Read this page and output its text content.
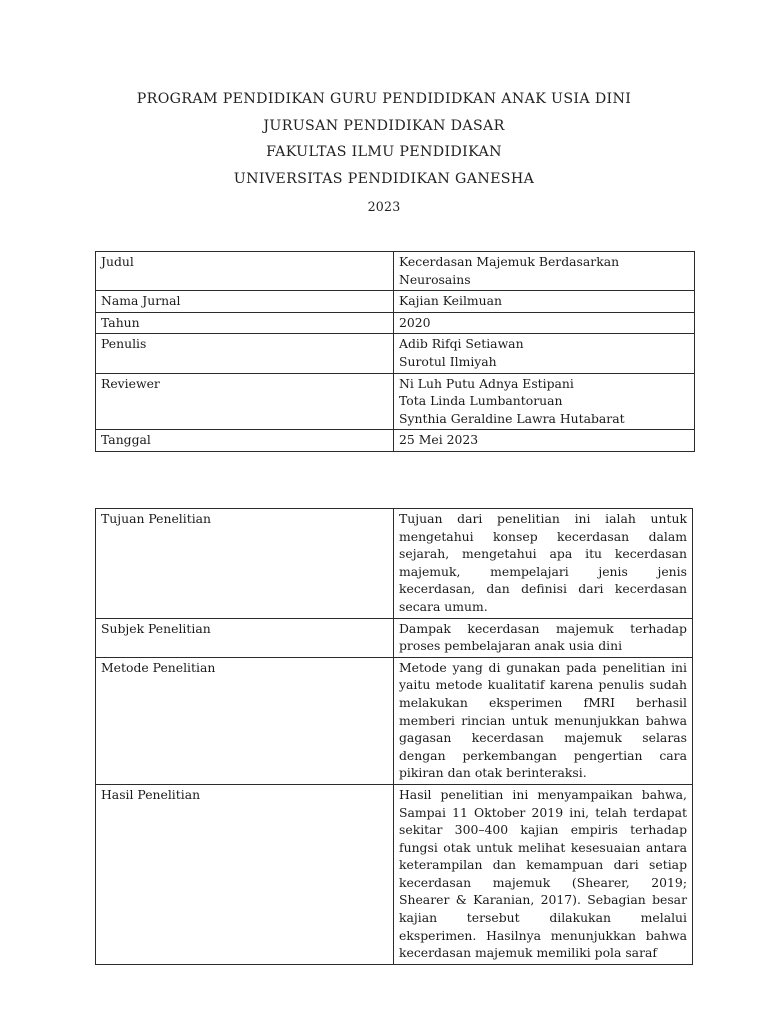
PROGRAM PENDIDIKAN GURU PENDIDIDKAN ANAK USIA DINI
JURUSAN PENDIDIKAN DASAR
FAKULTAS ILMU PENDIDIKAN
UNIVERSITAS PENDIDIKAN GANESHA
2023
Judul	Kecerdasan Majemuk Berdasarkan
Neurosains

Nama Jurnal	Kajian Keilmuan

Tahun	2020

Penulis	Adib Rifqi Setiawan
Surotul Ilmiyah

Reviewer	Ni Luh Putu Adnya Estipani
Tota Linda Lumbantoruan
Synthia Geraldine Lawra Hutabarat

Tanggal	25 Mei 2023
Tujuan Penelitian	Tujuan dari penelitian ini ialah untuk mengetahui konsep kecerdasan dalam sejarah, mengetahui apa itu kecerdasan majemuk, mempelajari jenis jenis kecerdasan, dan definisi dari kecerdasan secara umum.

Subjek Penelitian	Dampak kecerdasan majemuk terhadap proses pembelajaran anak usia dini

Metode Penelitian	Metode yang di gunakan pada penelitian ini yaitu metode kualitatif karena penulis sudah melakukan eksperimen fMRI berhasil memberi rincian untuk menunjukkan bahwa gagasan kecerdasan majemuk selaras dengan perkembangan pengertian cara pikiran dan otak berinteraksi.

Hasil Penelitian	Hasil penelitian ini menyampaikan bahwa, Sampai 11 Oktober 2019 ini, telah terdapat sekitar 300–400 kajian empiris terhadap fungsi otak untuk melihat kesesuaian antara keterampilan dan kemampuan dari setiap kecerdasan majemuk (Shearer, 2019; Shearer & Karanian, 2017). Sebagian besar kajian tersebut dilakukan melalui eksperimen. Hasilnya menunjukkan bahwa kecerdasan majemuk memiliki pola saraf
